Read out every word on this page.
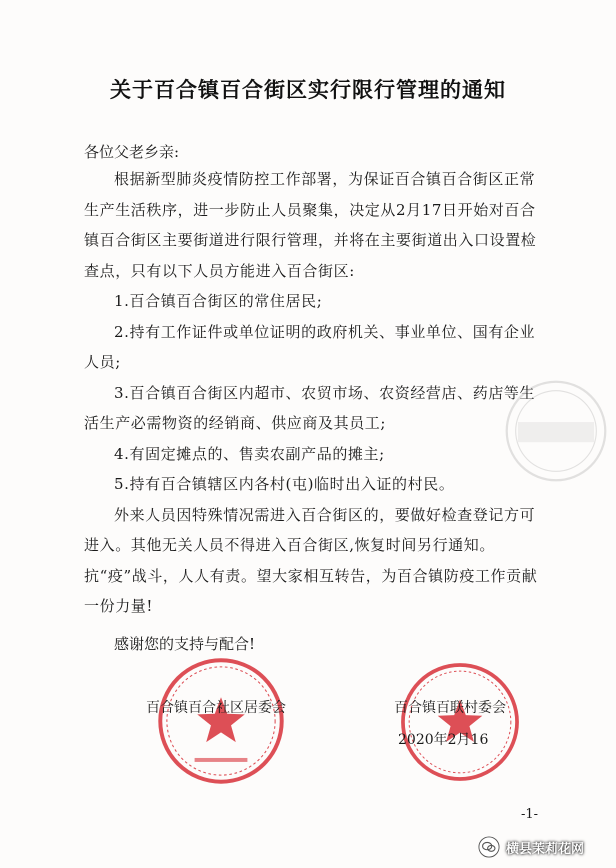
关于百合镇百合街区实行限行管理的通知
各位父老乡亲:

根据新型肺炎疫情防控工作部署，为保证百合镇百合街区正常生产生活秩序，进一步防止人员聚集，决定从2月17日开始对百合镇百合街区主要街道进行限行管理，并将在主要街道出入口设置检查点，只有以下人员方能进入百合街区:

1.百合镇百合街区的常住居民;

2.持有工作证件或单位证明的政府机关、事业单位、国有企业人员;

3.百合镇百合街区内超市、农贸市场、农资经营店、药店等生活生产必需物资的经销商、供应商及其员工;

4.有固定摊点的、售卖农副产品的摊主;

5.持有百合镇辖区内各村(屯)临时出入证的村民。

外来人员因特殊情况需进入百合街区的，要做好检查登记方可进入。其他无关人员不得进入百合街区,恢复时间另行通知。抗“疫”战斗，人人有责。望大家相互转告，为百合镇防疫工作贡献一份力量!

感谢您的支持与配合!
百合镇百合社区居委会	百合镇百联村委会
2020年2月16
-1-
横县茉莉花网
